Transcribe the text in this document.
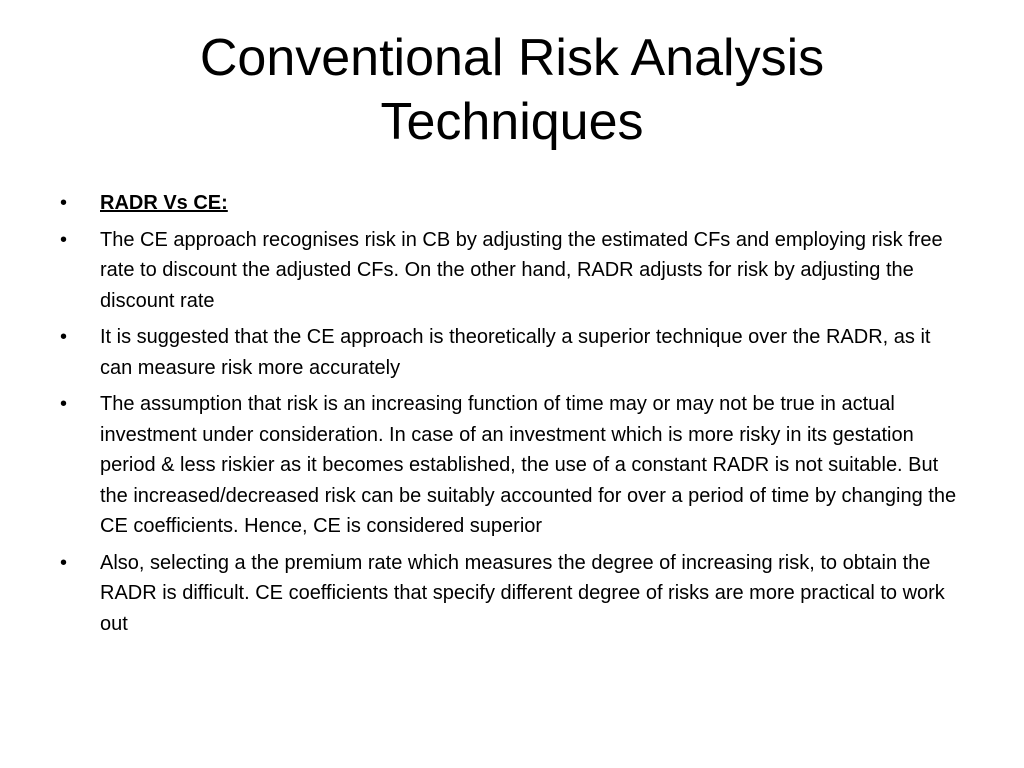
Conventional Risk Analysis
Techniques
• RADR Vs CE:
• The CE approach recognises risk in CB by adjusting the estimated CFs and employing risk free rate to discount the adjusted CFs. On the other hand, RADR adjusts for risk by adjusting the discount rate
• It is suggested that the CE approach is theoretically a superior technique over the RADR, as it can measure risk more accurately
• The assumption that risk is an increasing function of time may or may not be true in actual investment under consideration. In case of an investment which is more risky in its gestation period & less riskier as it becomes established, the use of a constant RADR is not suitable. But the increased/decreased risk can be suitably accounted for over a period of time by changing the CE coefficients. Hence, CE is considered superior
• Also, selecting a the premium rate which measures the degree of increasing risk, to obtain the RADR is difficult. CE coefficients that specify different degree of risks are more practical to work out
